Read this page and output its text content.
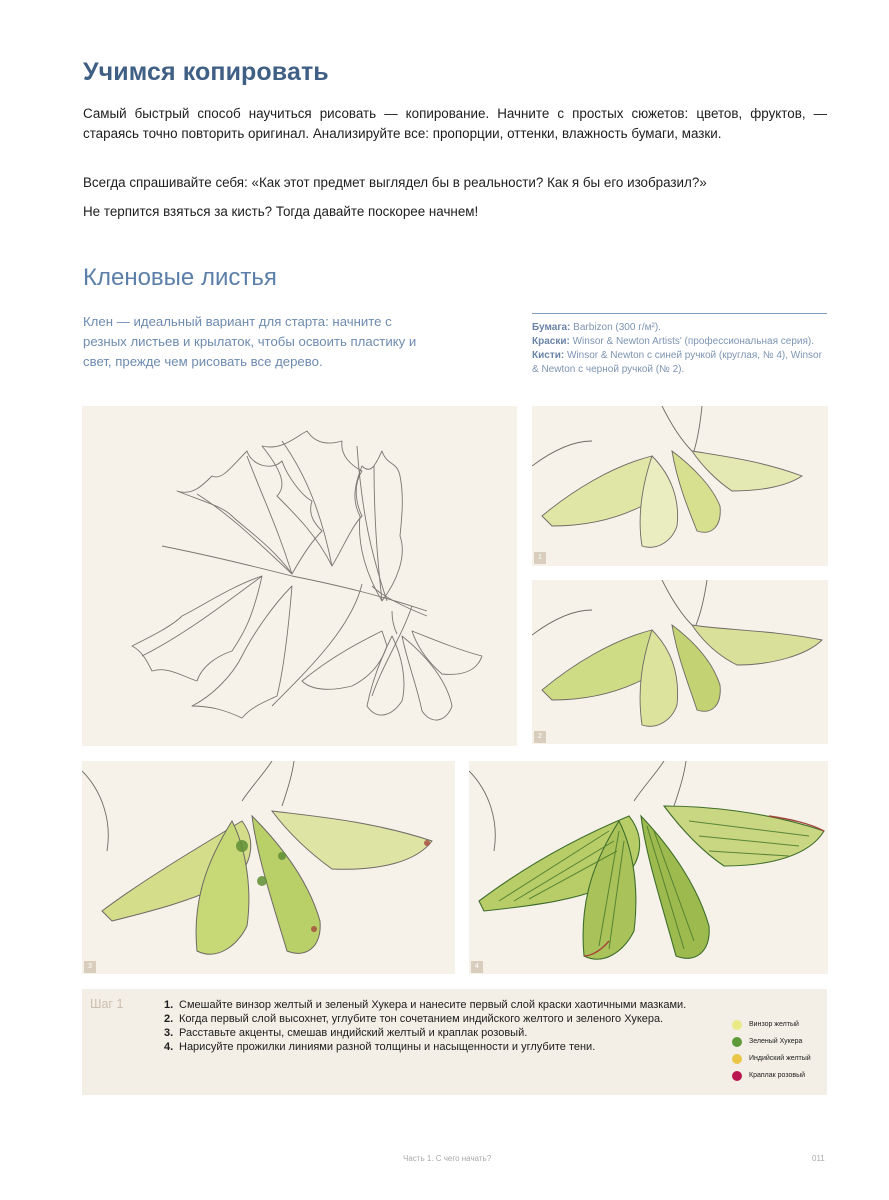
Учимся копировать

Самый быстрый способ научиться рисовать — копирование. Начните с простых сюжетов: цветов, фруктов, — стараясь точно повторить оригинал. Анализируйте все: пропорции, оттенки, влажность бумаги, мазки.

Всегда спрашивайте себя: «Как этот предмет выглядел бы в реальности? Как я бы его изобразил?»

Не терпится взяться за кисть? Тогда давайте поскорее начнем!

Кленовые листья

Клен — идеальный вариант для старта: начните с резных листьев и крылаток, чтобы освоить пластику и свет, прежде чем рисовать все дерево.

Бумага: Barbizon (300 г/м²).
Краски: Winsor & Newton Artists' (профессиональная серия).
Кисти: Winsor & Newton с синей ручкой (круглая, № 4), Winsor & Newton с черной ручкой (№ 2).
1
2
3	4
Шаг 1	1. Смешайте винзор желтый и зеленый Хукера и нанесите первый слой краски хаотичными мазками.
2. Когда первый слой высохнет, углубите тон сочетанием индийского желтого и зеленого Хукера.
3. Расставьте акценты, смешав индийский желтый и краплак розовый.
4. Нарисуйте прожилки линиями разной толщины и насыщенности и углубите тени.
Винзор желтый
Зеленый Хукера
Индийский желтый
Краплак розовый
Часть 1. С чего начать?	011
